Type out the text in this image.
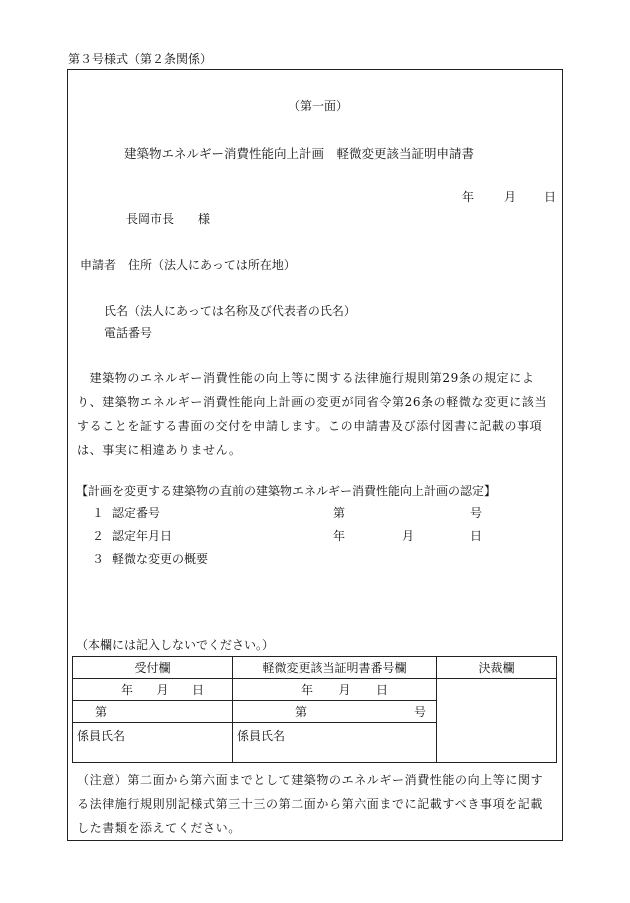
第３号様式（第２条関係）
（第一面）
建築物エネルギー消費性能向上計画　軽微変更該当証明申請書
年 月 日
長岡市長　　様
申請者　住所（法人にあっては所在地）
氏名（法人にあっては名称及び代表者の氏名）
電話番号
　建築物のエネルギー消費性能の向上等に関する法律施行規則第29条の規定により、建築物エネルギー消費性能向上計画の変更が同省令第26条の軽微な変更に該当することを証する書面の交付を申請します。この申請書及び添付図書に記載の事項は、事実に相違ありません。
【計画を変更する建築物の直前の建築物エネルギー消費性能向上計画の認定】
１ 認定番号	第	号
２ 認定年月日	年	月	日
３ 軽微な変更の概要
（本欄には記入しないでください。）
受付欄	軽微変更該当証明書番号欄	決裁欄

年 月 日	年 月 日	

第	第 号	

係員氏名	係員氏名	
（注意）第二面から第六面までとして建築物のエネルギー消費性能の向上等に関する法律施行規則別記様式第三十三の第二面から第六面までに記載すべき事項を記載した書類を添えてください。
